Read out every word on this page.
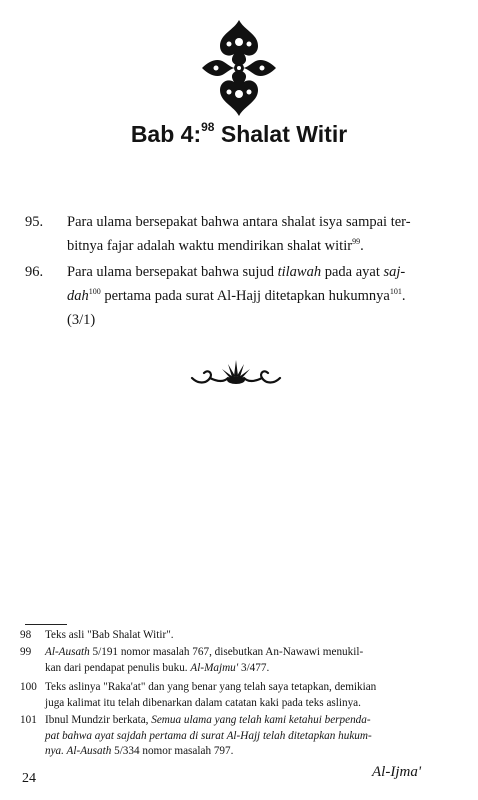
Bab 4:$^{98}$ Shalat Witir
95.	Para ulama bersepakat bahwa antara shalat isya sampai ter-
bitnya fajar adalah waktu mendirikan shalat witir$^{99}$.
96.	Para ulama bersepakat bahwa sujud tilawah pada ayat saj-
dah$^{100}$ pertama pada surat Al-Hajj ditetapkan hukumnya$^{101}$.
(3/1)
98	Teks asli "Bab Shalat Witir".
99	Al-Ausath 5/191 nomor masalah 767, disebutkan An-Nawawi menukil-
kan dari pendapat penulis buku. Al-Majmu' 3/477.
100 Teks aslinya "Raka'at" dan yang benar yang telah saya tetapkan, demikian
juga kalimat itu telah dibenarkan dalam catatan kaki pada teks aslinya.
101 Ibnul Mundzir berkata, Semua ulama yang telah kami ketahui berpenda-
pat bahwa ayat sajdah pertama di surat Al-Hajj telah ditetapkan hukum-
nya. Al-Ausath 5/334 nomor masalah 797.
24	Al-Ijma'
